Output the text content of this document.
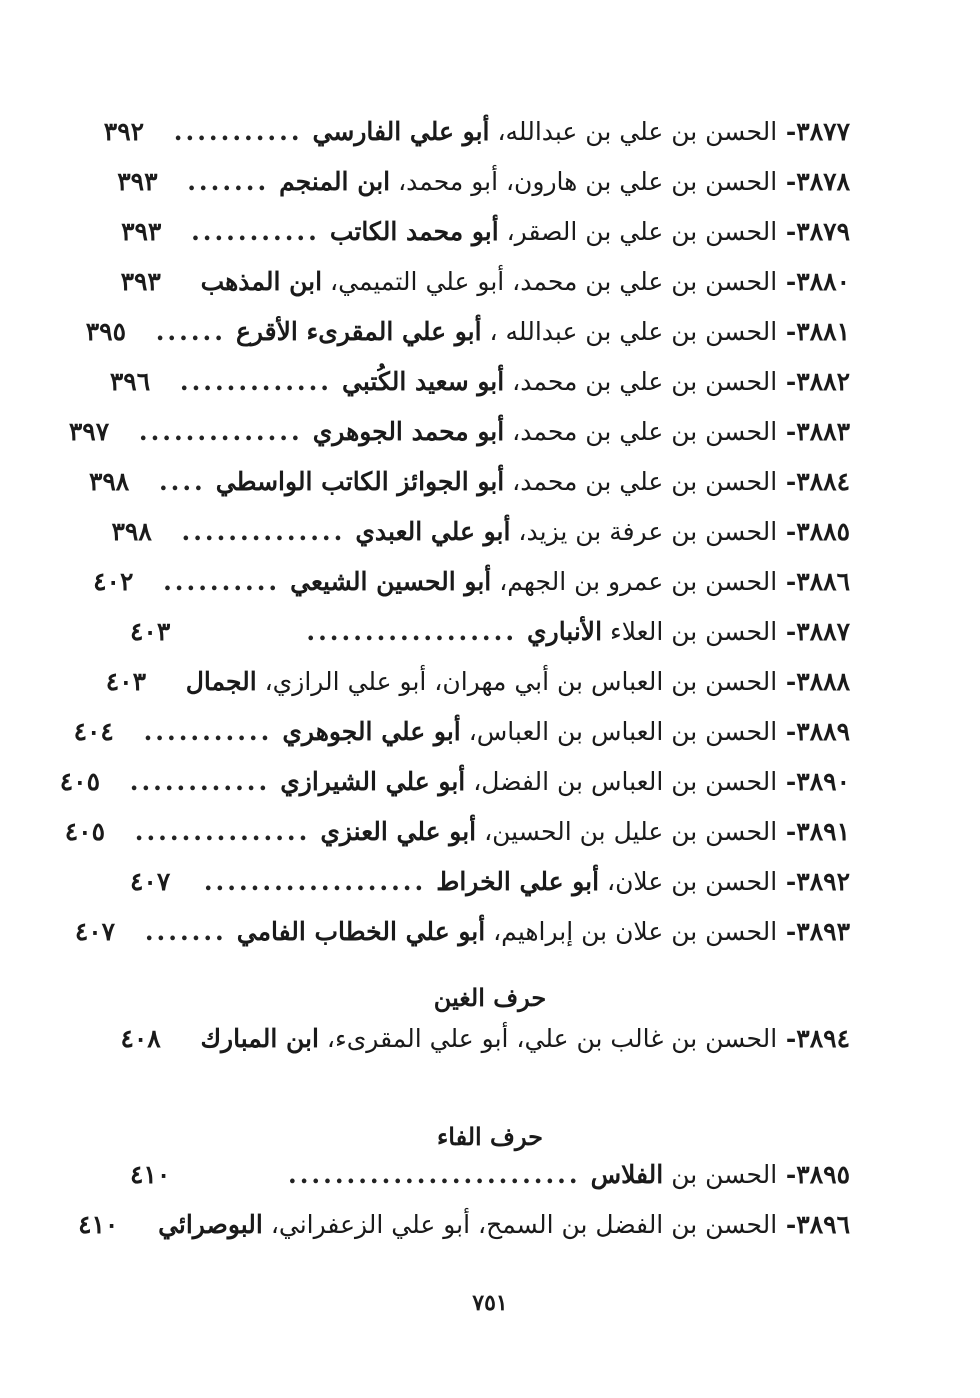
٣٨٧٧- الحسن بن علي بن عبدالله، أبو علي الفارسي
...........
٣٩٢
٣٨٧٨- الحسن بن علي بن هارون، أبو محمد، ابن المنجم
.......
٣٩٣
٣٨٧٩- الحسن بن علي بن الصقر، أبو محمد الكاتب
...........
٣٩٣
٣٨٨٠- الحسن بن علي بن محمد، أبو علي التميمي، ابن المذهب
٣٩٣
٣٨٨١- الحسن بن علي بن عبدالله ، أبو علي المقرىء الأقرع
......
٣٩٥
٣٨٨٢- الحسن بن علي بن محمد، أبو سعيد الكُتبي
.............
٣٩٦
٣٨٨٣- الحسن بن علي بن محمد، أبو محمد الجوهري
..............
٣٩٧
٣٨٨٤- الحسن بن علي بن محمد، أبو الجوائز الكاتب الواسطي
....
٣٩٨
٣٨٨٥- الحسن بن عرفة بن يزيد، أبو علي العبدي
..............
٣٩٨
٣٨٨٦- الحسن بن عمرو بن الجهم، أبو الحسين الشيعي
..........
٤٠٢
٣٨٨٧- الحسن بن العلاء الأنباري
..................
٤٠٣
٣٨٨٨- الحسن بن العباس بن أبي مهران، أبو علي الرازي، الجمال
٤٠٣
٣٨٨٩- الحسن بن العباس بن العباس، أبو علي الجوهري
...........
٤٠٤
٣٨٩٠- الحسن بن العباس بن الفضل، أبو علي الشيرازي
............
٤٠٥
٣٨٩١- الحسن بن عليل بن الحسين، أبو علي العنزي
...............
٤٠٥
٣٨٩٢- الحسن بن علان، أبو علي الخراط
...................
٤٠٧
٣٨٩٣- الحسن بن علان بن إبراهيم، أبو علي الخطاب الفامي
.......
٤٠٧
حرف الغين
٣٨٩٤- الحسن بن غالب بن علي، أبو علي المقرىء، ابن المبارك
٤٠٨
حرف الفاء
٣٨٩٥- الحسن بن الفلاس
.........................
٤١٠
٣٨٩٦- الحسن بن الفضل بن السمح، أبو علي الزعفراني، البوصرائي
٤١٠
٧٥١
